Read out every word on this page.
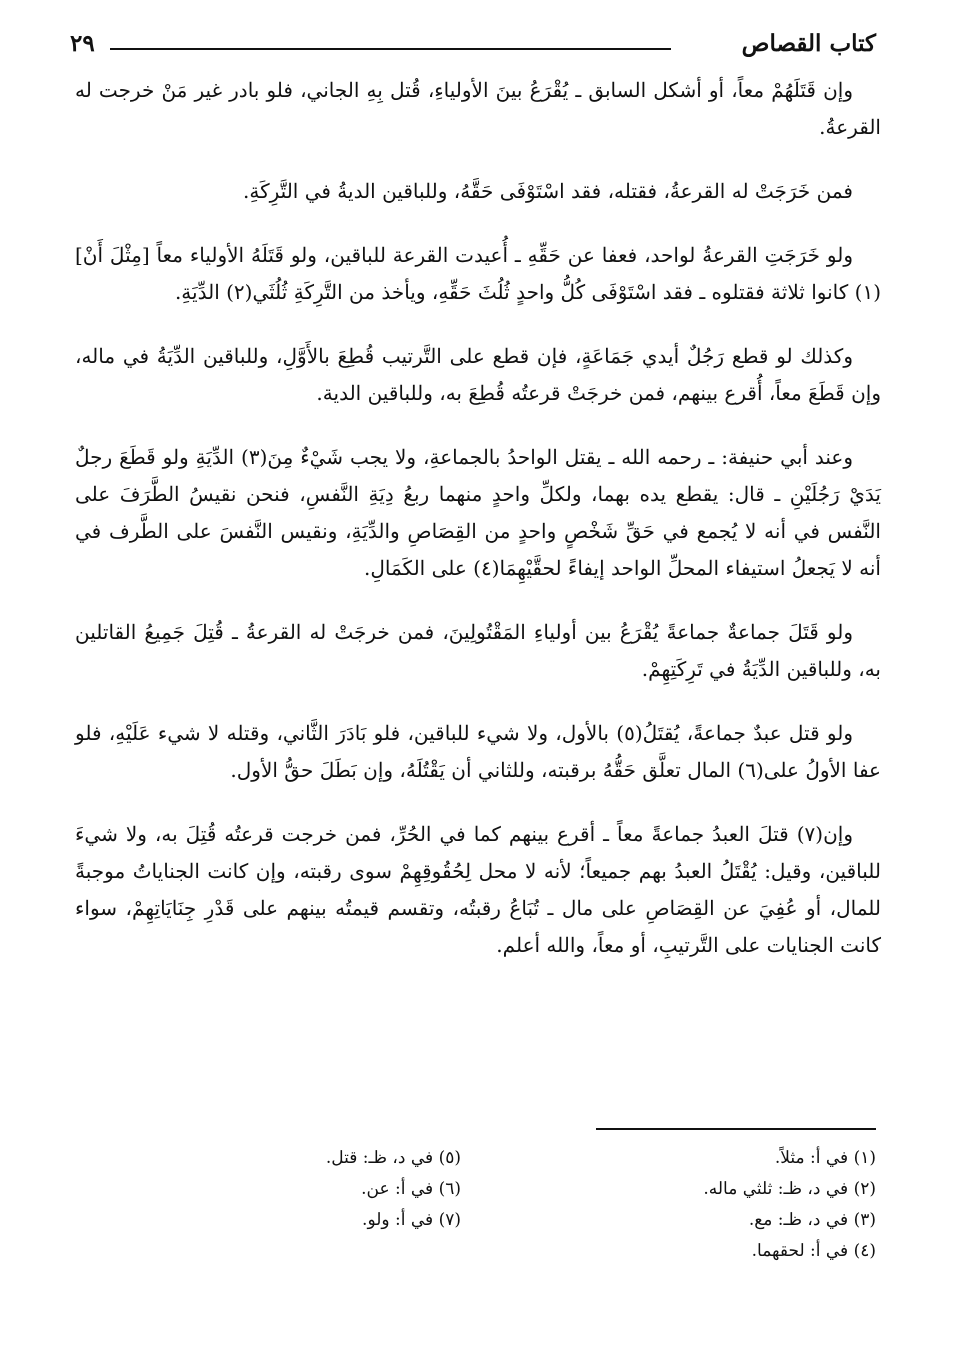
كتاب القصاص
٢٩

وإن قَتَلَهُمْ معاً، أو أشكل السابق ـ يُقْرَعُ بينَ الأولياءِ، قُتل بِهِ الجاني، فلو بادر غير مَنْ خرجت له القرعةُ.

فمن خَرَجَتْ له القرعةُ، فقتله، فقد اسْتَوْفَى حَقَّهُ، وللباقين الديةُ في التَّرِكَةِ.

ولو خَرَجَتِ القرعةُ لواحد، فعفا عن حَقِّهِ ـ أُعيدت القرعة للباقين، ولو قَتَلَهُ الأولياء معاً [مِثْلَ أَنْ](١) كانوا ثلاثة فقتلوه ـ فقد اسْتَوْفَى كُلُّ واحدٍ ثُلُثَ حَقِّهِ، ويأخذ من التَّرِكَةِ ثُلُثَي(٢) الدِّيَةِ.

وكذلك لو قطع رَجُلٌ أيدي جَمَاعَةٍ، فإن قطع على التَّرتيب قُطِعَ بالأَوَّلِ، وللباقين الدِّيَةُ في ماله، وإن قَطَعَ معاً، أُقرع بينهم، فمن خرجَتْ قرعتُه قُطِعَ به، وللباقين الدية.

وعند أبي حنيفة: ـ رحمه الله ـ يقتل الواحدُ بالجماعةِ، ولا يجب شَيْءٌ مِنَ(٣) الدِّيَةِ ولو قَطَعَ رجلٌ يَدَيْ رَجُلَيْنِ ـ قال: يقطع يده بهما، ولكلِّ واحدٍ منهما ربعُ دِيَةِ النَّفسِ، فنحن نقيسُ الطَّرَفَ على النَّفس في أنه لا يُجمع في حَقِّ شَخْصٍ واحدٍ من القِصَاصِ والدِّيَةِ، ونقيس النَّفسَ على الطَّرف في أنه لا يَجعلُ استيفاء المحلِّ الواحد إيفاءً لحقَّيْهِمَا(٤) على الكَمَالِ.

ولو قَتَلَ جماعةٌ جماعةً يُقْرَعُ بين أولياءِ المَقْتُولِينَ، فمن خرجَتْ له القرعةُ ـ قُتِلَ جَمِيعُ القاتلين به، وللباقين الدِّيَةُ في تَرِكَتِهِمْ.

ولو قتل عبدٌ جماعةً، يُقتَلُ(٥) بالأول، ولا شيء للباقين، فلو بَادَرَ الثَّاني، وقتله لا شيء عَلَيْهِ، فلو عفا الأولُ على(٦) المال تعلَّق حَقُّهُ برقبته، وللثاني أن يَقْتُلَهُ، وإن بَطَلَ حقُّ الأول.

وإن(٧) قتلَ العبدُ جماعةً معاً ـ أقرع بينهم كما في الحُرِّ، فمن خرجت قرعتُه قُتِلَ به، ولا شيءَ للباقين، وقيل: يُقْتَلُ العبدُ بهم جميعاً؛ لأنه لا محل لِحُقُوقِهِمْ سوى رقبته، وإن كانت الجناياتُ موجبةً للمال، أو عُفِيَ عن القِصَاصِ على مال ـ تُبَاعُ رقبتُه، وتقسم قيمتُه بينهم على قَدْرِ جِنَايَاتِهِمْ، سواء كانت الجنايات على التَّرتيبِ، أو معاً، والله أعلم.

(١) في أ: مثلاً.
(٢) في د، ظـ: ثلثي ماله.
(٣) في د، ظـ: مع.
(٤) في أ: لحقهما.
(٥) في د، ظـ: قتل.
(٦) في أ: عن.
(٧) في أ: ولو.
